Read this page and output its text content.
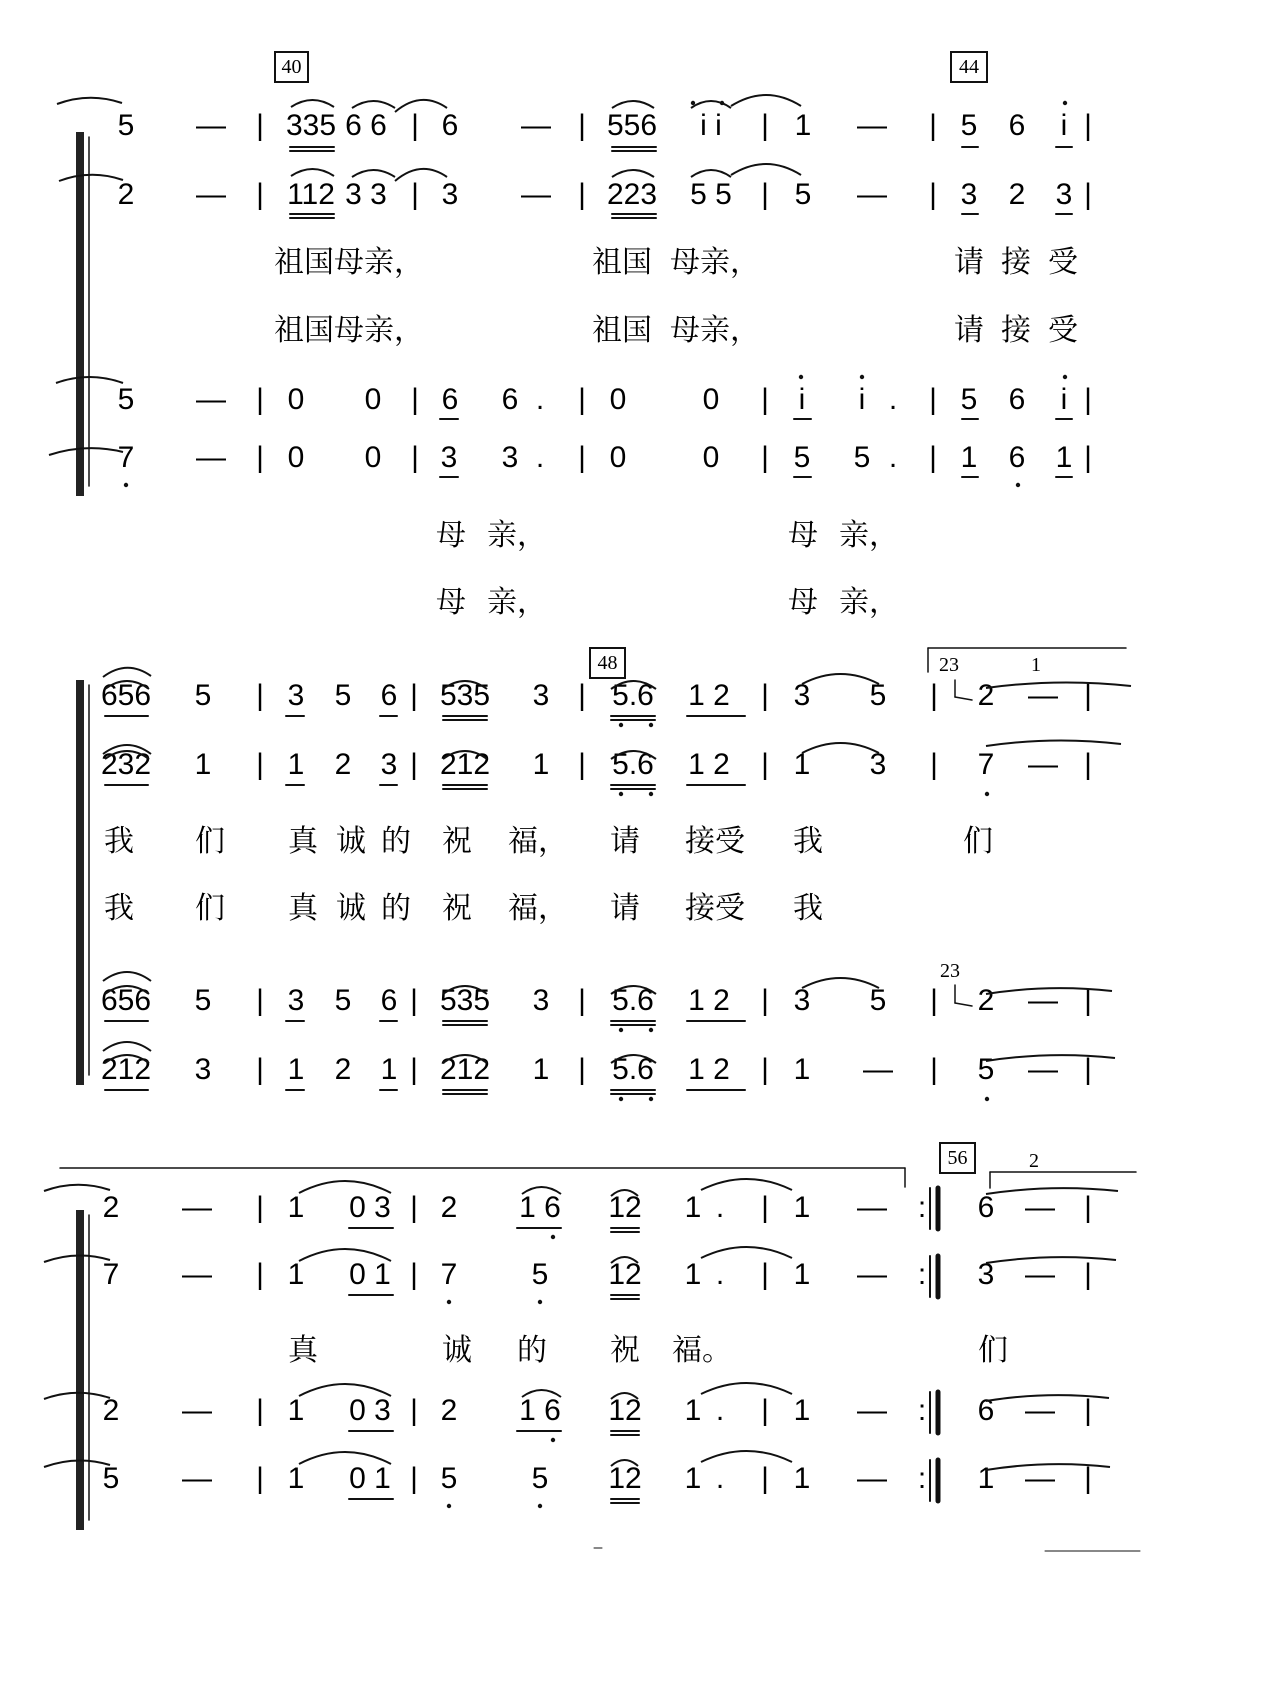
40	44
48
56
1
23
2
5 — | 335 6 6 | 6 — | 556 i i | 1 — | 5 6 i |
2 — | 112 3 3 | 3 — | 223 5 5 | 5 — | 3 2 3 |
5 — | 0 0 | 6 6 . | 0	0 | i i . | 5 6 i |
7 — | 0 0 | 3 3 . | 0	0 | 5 5 . | 1 6 1 |
祖国母亲，	祖国 母亲，	请 接 受
祖国母亲，	祖国 母亲，	请 接 受
母 亲，	母 亲，
母 亲，	母 亲，
656 5 | 3 5 6 | 535 3 | 5.6 1 2 | 3 5 | 2 — |
232 1 | 1 2 3 | 212 1 | 5.6 1 2 | 1 3 | 7 — |
656 5 | 3 5 6 | 535 3 | 5.6 1 2 | 3 5 | 2 — |
212 3 | 1 2 1 | 212 1 | 5.6 1 2 | 1 — | 5 — |
23
我 们 真 诚 的 祝 福， 请 接受 我	们
我 们 真 诚 的 祝 福， 请 接受 我
2 — | 1 0 3 | 2 1 6 12 1 . | 1 — : 6 — |
7 — | 1 0 1 | 7 5 12 1 . | 1 — : 3 — |
2 — | 1 0 3 | 2 1 6 12 1 . | 1 — : 6 — |
5 — | 1 0 1 | 5 5 12 1 . | 1 — : 1 — |
真	诚 的 祝 福。	们
